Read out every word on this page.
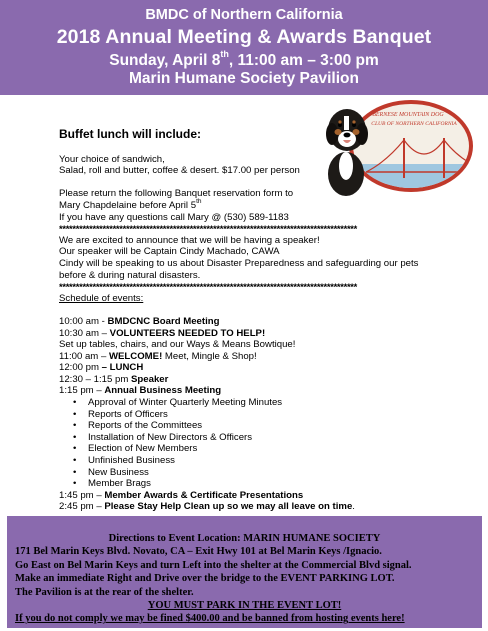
BMDC of Northern California
2018 Annual Meeting & Awards Banquet
Sunday, April 8th, 11:00 am – 3:00 pm
Marin Humane Society Pavilion
BERNESE MOUNTAIN DOG
CLUB OF NORTHERN CALIFORNIA
Buffet lunch will include:
Your choice of sandwich,
Salad, roll and butter, coffee & desert. $17.00 per person
Please return the following Banquet reservation form to
Mary Chapdelaine before April 5th
If you have any questions call Mary @ (530) 589-1183
*****************************************************************************************
We are excited to announce that we will be having a speaker!
Our speaker will be Captain Cindy Machado, CAWA
Cindy will be speaking to us about Disaster Preparedness and safeguarding our pets
before & during natural disasters.
*****************************************************************************************
Schedule of events:
10:00 am - BMDCNC Board Meeting
10:30 am – VOLUNTEERS NEEDED TO HELP!
Set up tables, chairs, and our Ways & Means Bowtique!
11:00 am – WELCOME! Meet, Mingle & Shop!
12:00 pm – LUNCH
12:30 – 1:15 pm Speaker
1:15 pm – Annual Business Meeting
• Approval of Winter Quarterly Meeting Minutes
• Reports of Officers
• Reports of the Committees
• Installation of New Directors & Officers
• Election of New Members
• Unfinished Business
• New Business
• Member Brags
1:45 pm – Member Awards & Certificate Presentations
2:45 pm – Please Stay Help Clean up so we may all leave on time.
Directions to Event Location: MARIN HUMANE SOCIETY
171 Bel Marin Keys Blvd. Novato, CA – Exit Hwy 101 at Bel Marin Keys /Ignacio.
Go East on Bel Marin Keys and turn Left into the shelter at the Commercial Blvd signal.
Make an immediate Right and Drive over the bridge to the EVENT PARKING LOT.
The Pavilion is at the rear of the shelter.
YOU MUST PARK IN THE EVENT LOT!
If you do not comply we may be fined $400.00 and be banned from hosting events here!
